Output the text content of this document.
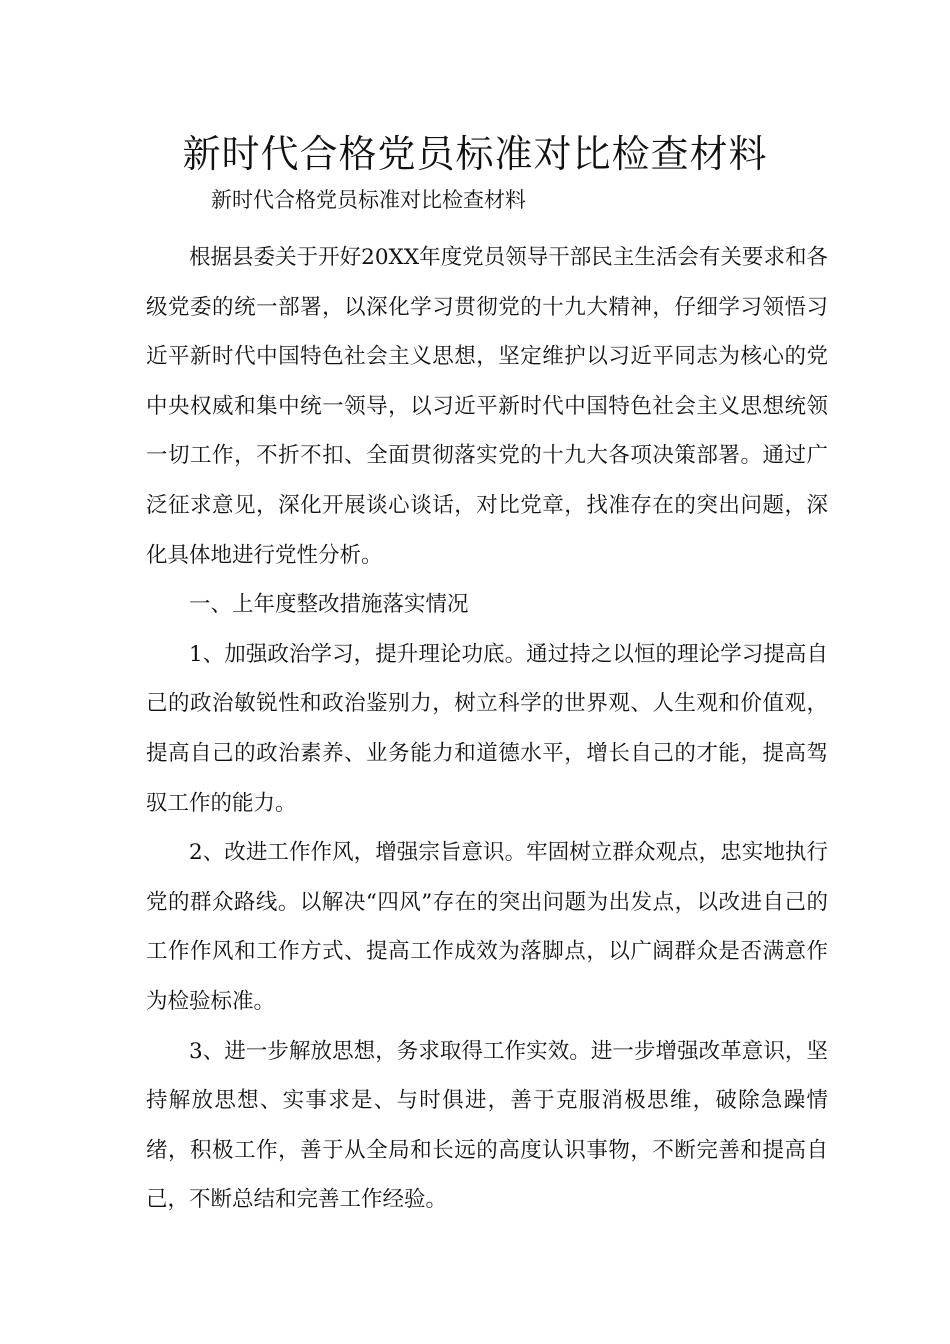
新时代合格党员标准对比检查材料

新时代合格党员标准对比检查材料

根据县委关于开好20XX年度党员领导干部民主生活会有关要求和各级党委的统一部署，以深化学习贯彻党的十九大精神，仔细学习领悟习近平新时代中国特色社会主义思想，坚定维护以习近平同志为核心的党中央权威和集中统一领导，以习近平新时代中国特色社会主义思想统领一切工作，不折不扣、全面贯彻落实党的十九大各项决策部署。通过广泛征求意见，深化开展谈心谈话，对比党章，找准存在的突出问题，深化具体地进行党性分析。

一、上年度整改措施落实情况

1、加强政治学习，提升理论功底。通过持之以恒的理论学习提高自己的政治敏锐性和政治鉴别力，树立科学的世界观、人生观和价值观，提高自己的政治素养、业务能力和道德水平，增长自己的才能，提高驾驭工作的能力。

2、改进工作作风，增强宗旨意识。牢固树立群众观点，忠实地执行党的群众路线。以解决“四风”存在的突出问题为出发点，以改进自己的工作作风和工作方式、提高工作成效为落脚点，以广阔群众是否满意作为检验标准。

3、进一步解放思想，务求取得工作实效。进一步增强改革意识，坚持解放思想、实事求是、与时俱进，善于克服消极思维，破除急躁情绪，积极工作，善于从全局和长远的高度认识事物，不断完善和提高自己，不断总结和完善工作经验。
